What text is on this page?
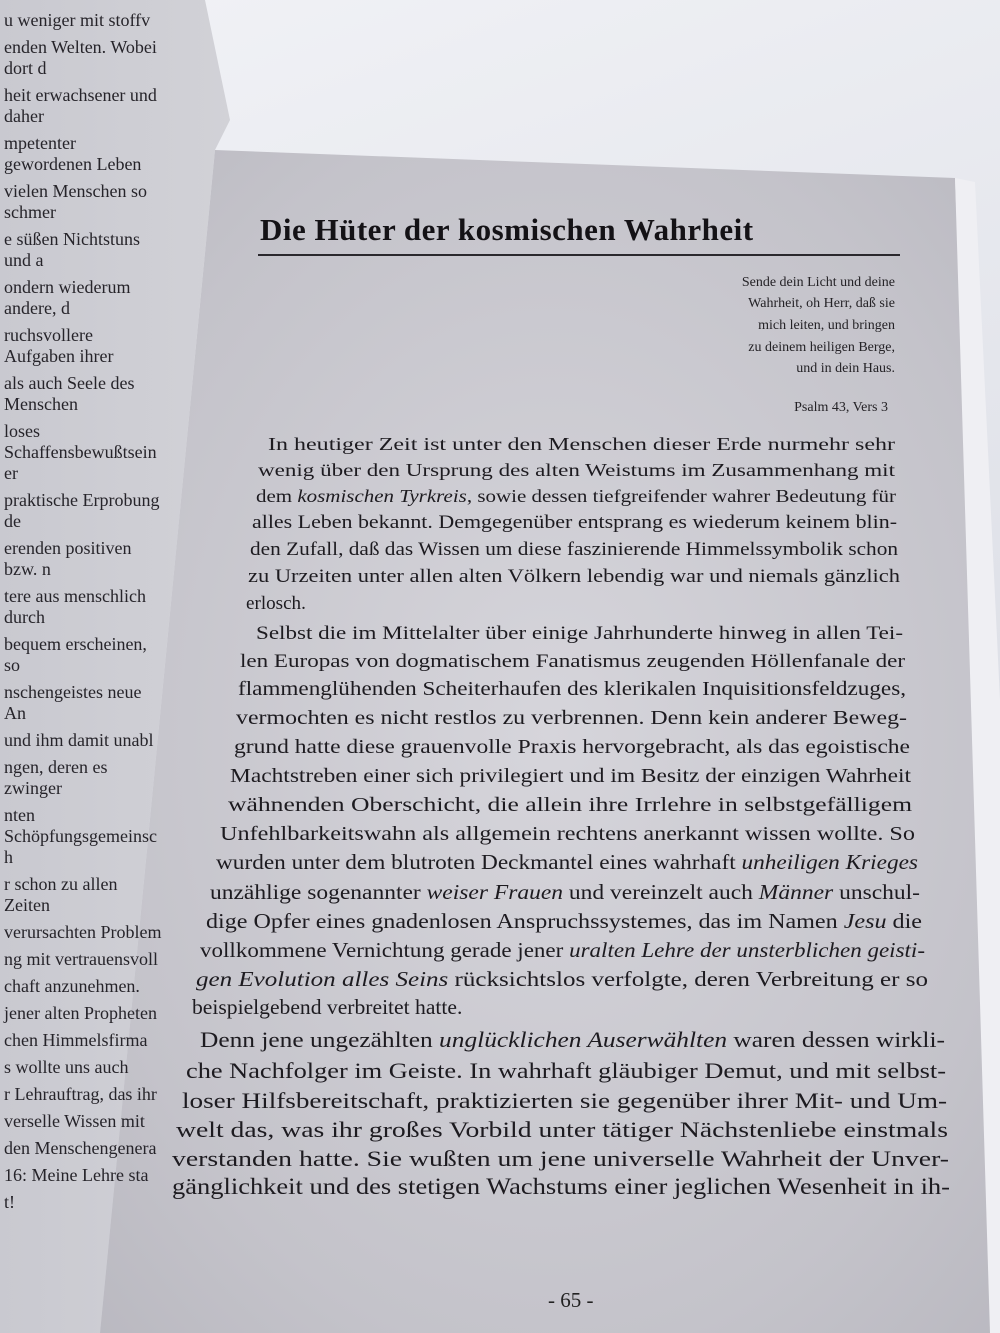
u weniger mit stoffv
enden Welten. Wobei dort d
heit erwachsener und daher
mpetenter gewordenen Leben
vielen Menschen so schmer
e süßen Nichtstuns und a
ondern wiederum andere, d
ruchsvollere Aufgaben ihrer
als auch Seele des Menschen
loses Schaffensbewußtsein er
praktische Erprobung de
erenden positiven bzw. n
tere aus menschlich durch
bequem erscheinen, so
nschengeistes neue An
und ihm damit unabl
ngen, deren es zwinger
nten Schöpfungsgemeinsch
r schon zu allen Zeiten
verursachten Problem
ng mit vertrauensvoll
chaft anzunehmen.
jener alten Propheten
chen Himmelsfirma
s wollte uns auch
r Lehrauftrag, das ihr
verselle Wissen mit
den Menschengenera
16: Meine Lehre sta
t!
Die Hüter der kosmischen Wahrheit
Sende dein Licht und deine
Wahrheit, oh Herr, daß sie
mich leiten, und bringen
zu deinem heiligen Berge,
und in dein Haus.
Psalm 43, Vers 3
In heutiger Zeit ist unter den Menschen dieser Erde nurmehr sehr
wenig über den Ursprung des alten Weistums im Zusammenhang mit
dem kosmischen Tyrkreis, sowie dessen tiefgreifender wahrer Bedeutung für
alles Leben bekannt. Demgegenüber entsprang es wiederum keinem blin-
den Zufall, daß das Wissen um diese faszinierende Himmelssymbolik schon
zu Urzeiten unter allen alten Völkern lebendig war und niemals gänzlich
erlosch.
Selbst die im Mittelalter über einige Jahrhunderte hinweg in allen Tei-
len Europas von dogmatischem Fanatismus zeugenden Höllenfanale der
flammenglühenden Scheiterhaufen des klerikalen Inquisitionsfeldzuges,
vermochten es nicht restlos zu verbrennen. Denn kein anderer Beweg-
grund hatte diese grauenvolle Praxis hervorgebracht, als das egoistische
Machtstreben einer sich privilegiert und im Besitz der einzigen Wahrheit
wähnenden Oberschicht, die allein ihre Irrlehre in selbstgefälligem
Unfehlbarkeitswahn als allgemein rechtens anerkannt wissen wollte. So
wurden unter dem blutroten Deckmantel eines wahrhaft unheiligen Krieges
unzählige sogenannter weiser Frauen und vereinzelt auch Männer unschul-
dige Opfer eines gnadenlosen Anspruchssystemes, das im Namen Jesu die
vollkommene Vernichtung gerade jener uralten Lehre der unsterblichen geisti-
gen Evolution alles Seins rücksichtslos verfolgte, deren Verbreitung er so
beispielgebend verbreitet hatte.
Denn jene ungezählten unglücklichen Auserwählten waren dessen wirkli-
che Nachfolger im Geiste. In wahrhaft gläubiger Demut, und mit selbst-
loser Hilfsbereitschaft, praktizierten sie gegenüber ihrer Mit- und Um-
welt das, was ihr großes Vorbild unter tätiger Nächstenliebe einstmals
verstanden hatte. Sie wußten um jene universelle Wahrheit der Unver-
gänglichkeit und des stetigen Wachstums einer jeglichen Wesenheit in ih-
- 65 -
